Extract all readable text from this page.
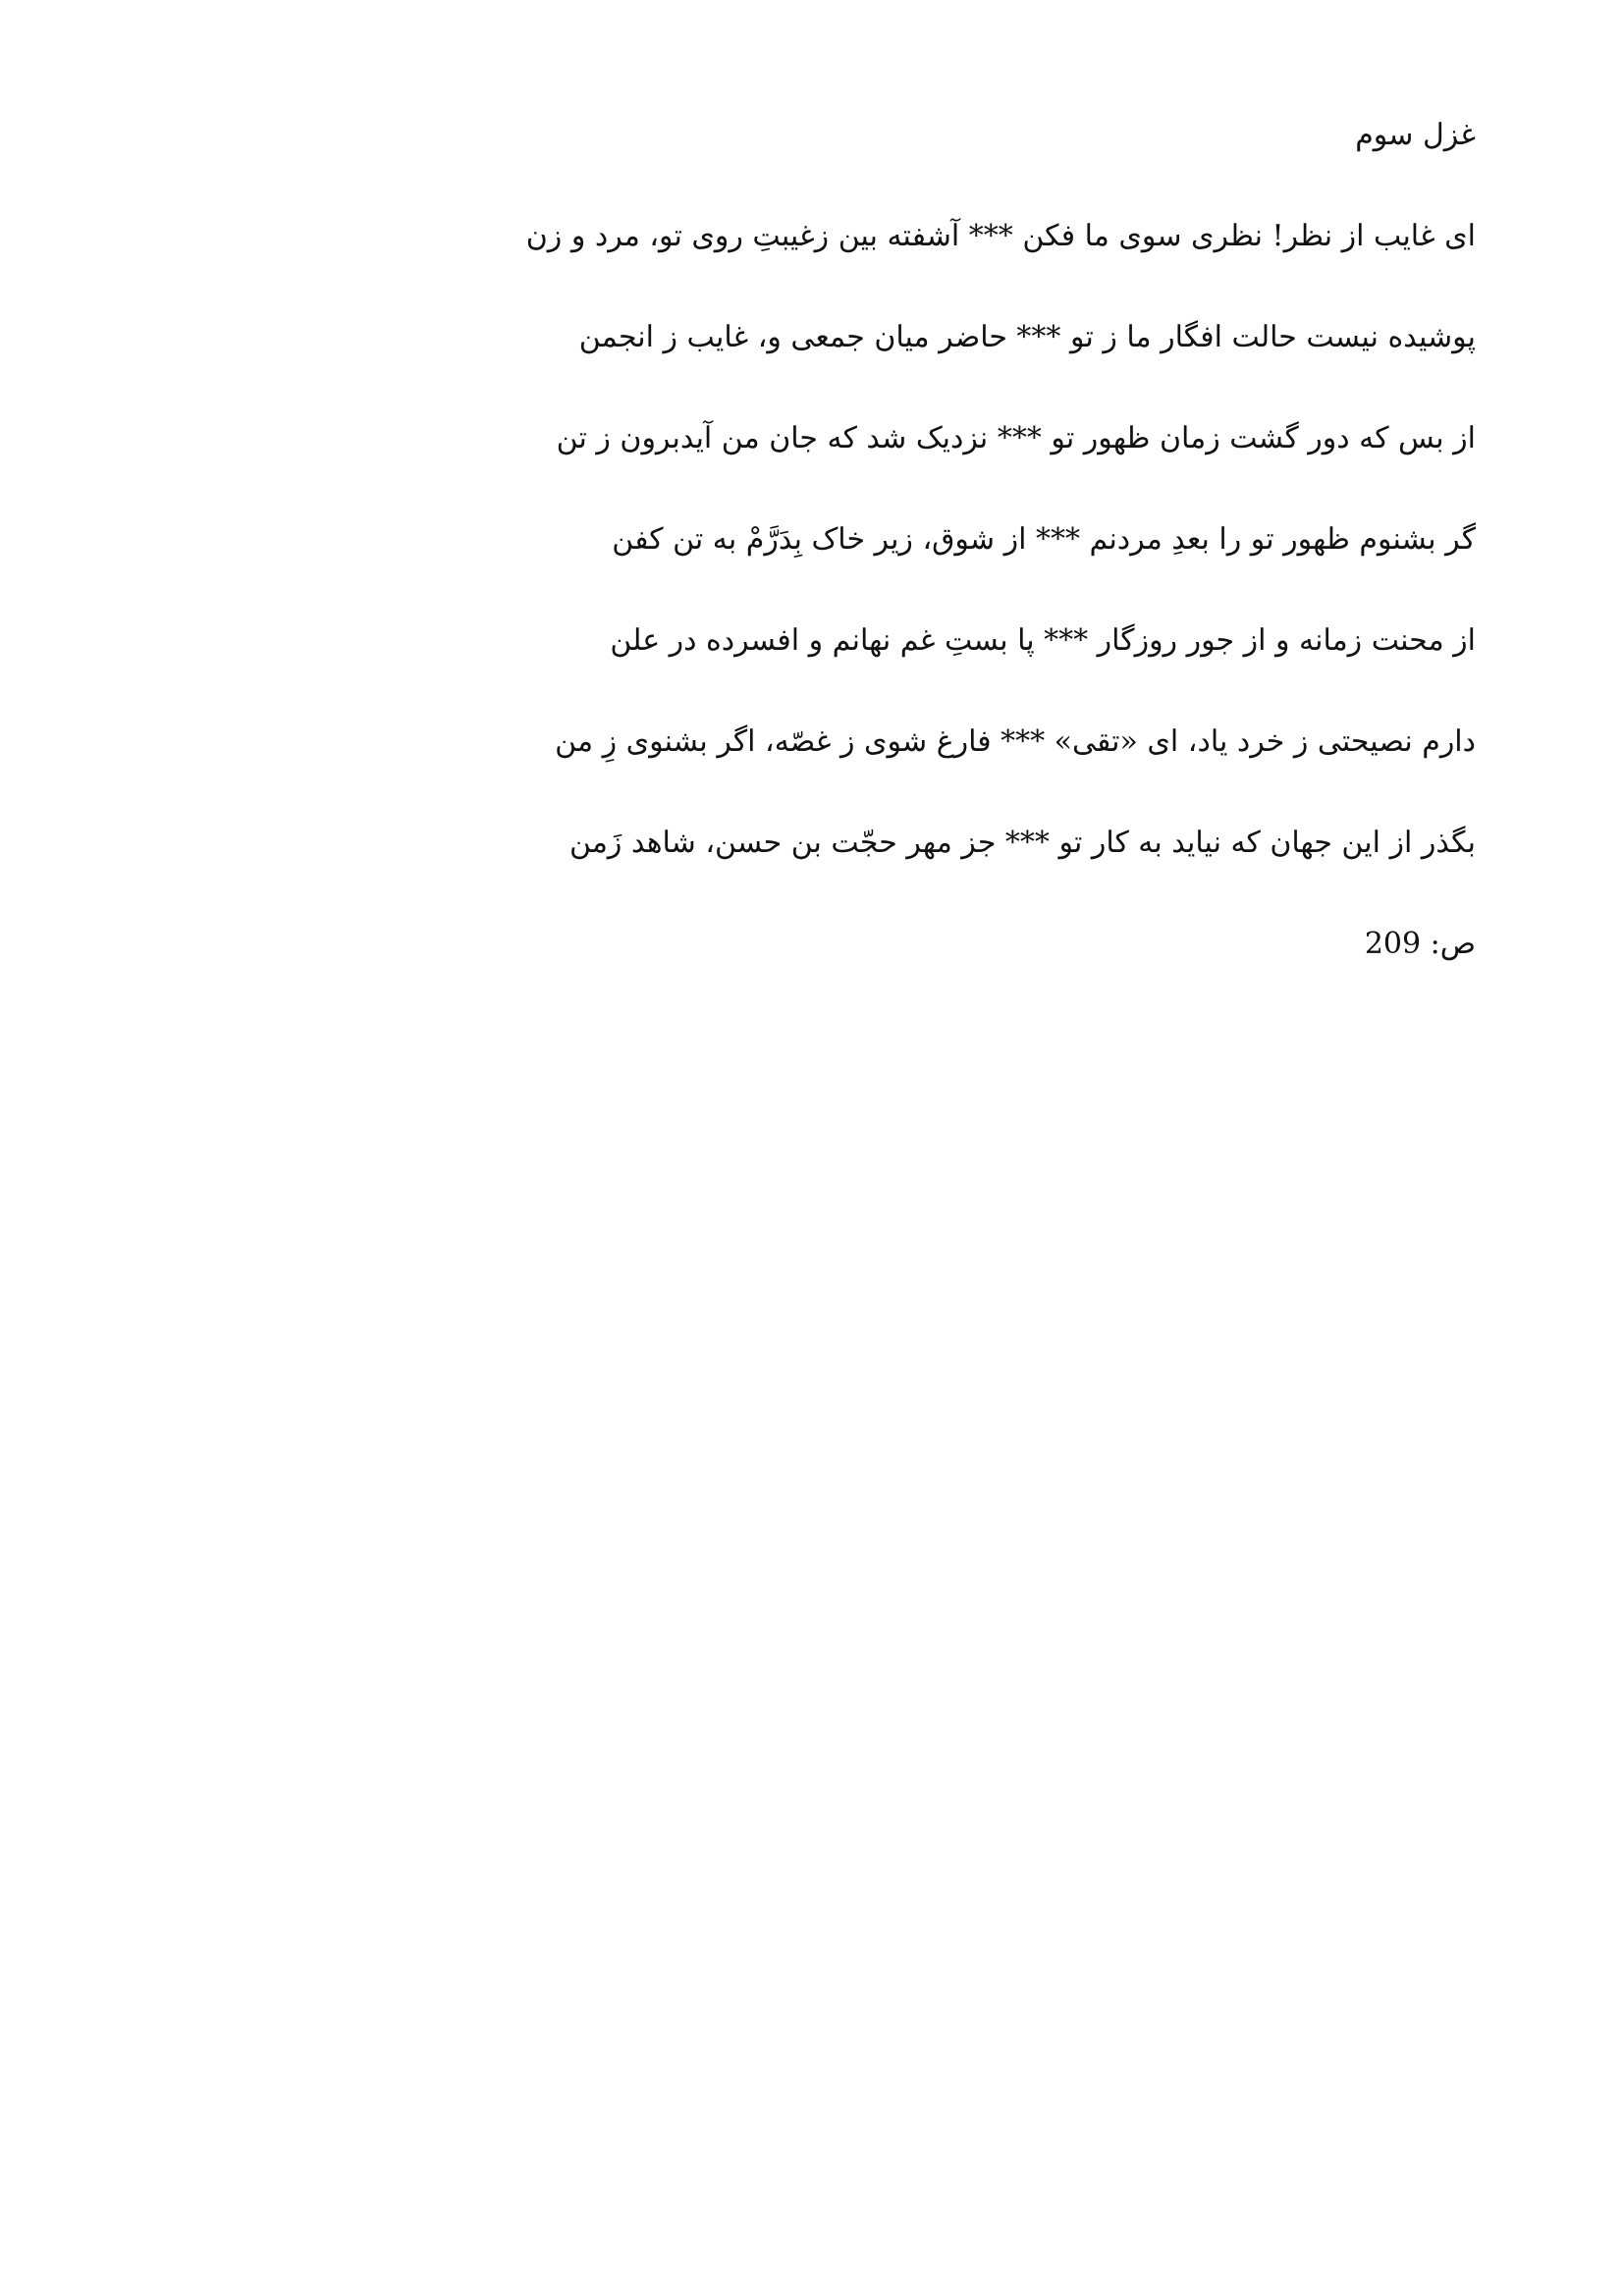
غزل سوم
ای غایب از نظر! نظری سوی ما فکن *** آشفته بین زغیبتِ روی تو، مرد و زن
پوشیده نیست حالت افگار ما ز تو *** حاضر میان جمعی و، غایب ز انجمن
از بس که دور گشت زمان ظهور تو *** نزدیک شد که جان من آیدبرون ز تن
گر بشنوم ظهور تو را بعدِ مردنم *** از شوق، زیر خاک بِدَرَّمْ به تن کفن
از محنت زمانه و از جور روزگار *** پا بستِ غم نهانم و افسرده در علن
دارم نصیحتی ز خرد یاد، ای «تقی» *** فارغ شوی ز غصّه، اگر بشنوی زِ من
بگذر از این جهان که نیاید به کار تو *** جز مهر حجّت بن حسن، شاهد زَمن
ص: 209
